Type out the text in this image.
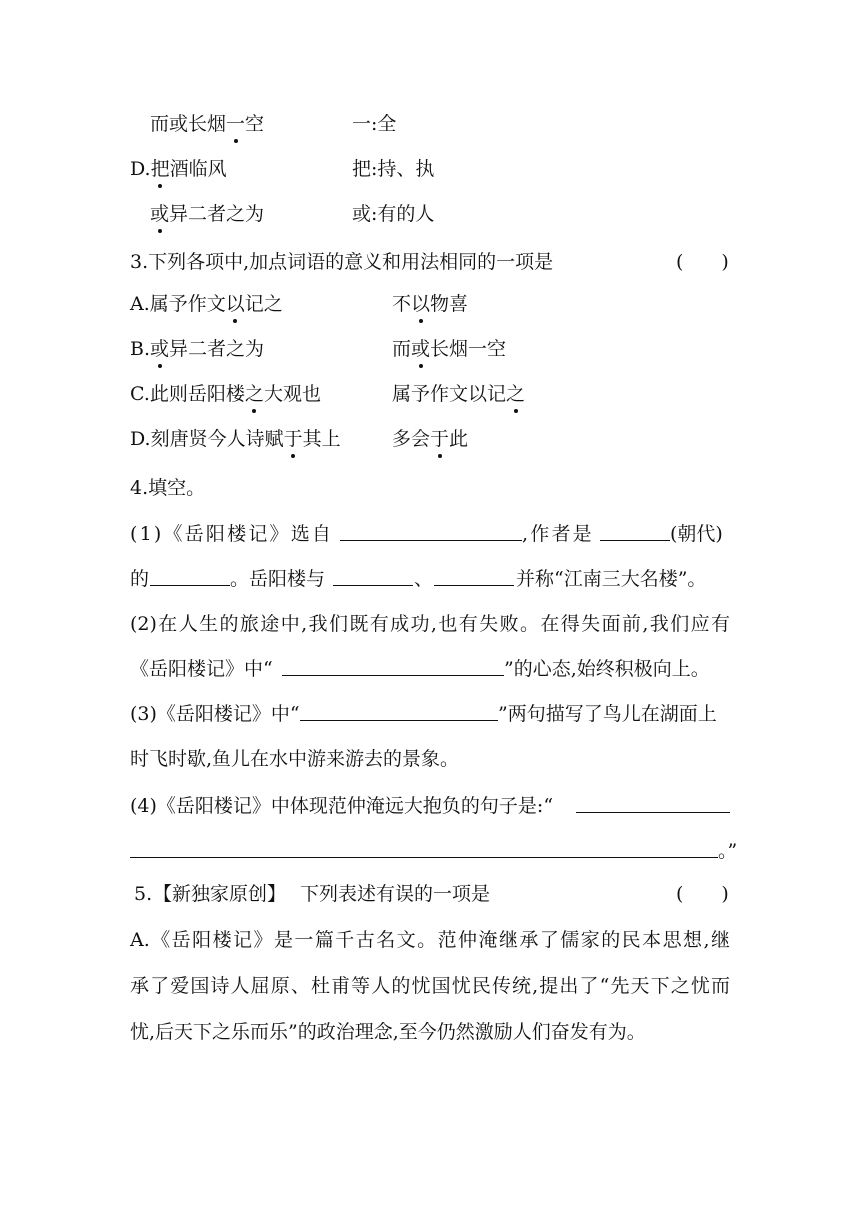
而或长烟一空	一:全
D.把酒临风	把:持、执
或异二者之为	或:有的人
3.下列各项中,加点词语的意义和用法相同的一项是	(　　)
A.属予作文以记之	不以物喜
B.或异二者之为	而或长烟一空
C.此则岳阳楼之大观也	属予作文以记之
D.刻唐贤今人诗赋于其上	多会于此
4.填空。
(1)《岳阳楼记》选自	,作者是	(朝代)
的	。岳阳楼与	、	并称“江南三大名楼”。
(2)在人生的旅途中,我们既有成功,也有失败。在得失面前,我们应有
《岳阳楼记》中“	”的心态,始终积极向上。
(3)《岳阳楼记》中“	”两句描写了鸟儿在湖面上
时飞时歇,鱼儿在水中游来游去的景象。
(4)《岳阳楼记》中体现范仲淹远大抱负的句子是:“
。”
5. 【新独家原创】 下列表述有误的一项是	(　　)
A.《岳阳楼记》是一篇千古名文。范仲淹继承了儒家的民本思想,继
承了爱国诗人屈原、杜甫等人的忧国忧民传统,提出了“先天下之忧而
忧,后天下之乐而乐”的政治理念,至今仍然激励人们奋发有为。
